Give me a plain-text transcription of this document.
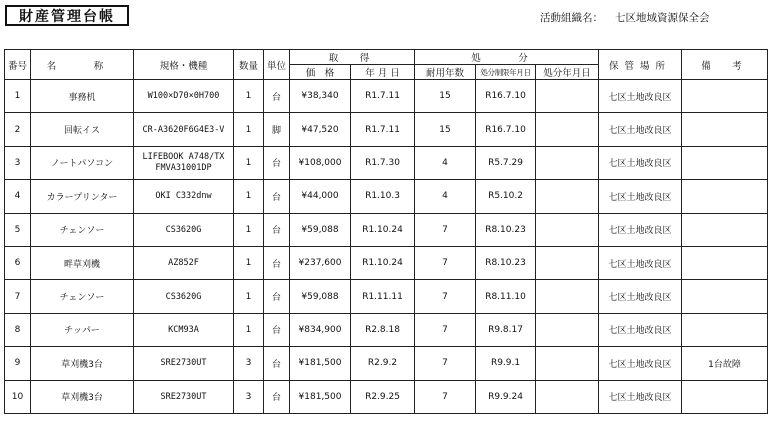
財産管理台帳	活動組織名： 七区地域資源保全会
番号	名　称	規格・機種	数量	単位	取　得		処　分			保管場所	備　考
					価　格	年 月 日	耐用年数	処分制限年月日	処分年月日		
1	事務机	W100×D70×0H700	1	台	¥38,340	R1.7.11	15	R16.7.10		七区土地改良区	
2	回転イス	CR-A3620F6G4E3-V	1	脚	¥47,520	R1.7.11	15	R16.7.10		七区土地改良区	
3	ノートパソコン	LIFEBOOK A748/TX
FMVA31001DP	1	台	¥108,000	R1.7.30	4	R5.7.29		七区土地改良区	
4	カラープリンター	OKI C332dnw	1	台	¥44,000	R1.10.3	4	R5.10.2		七区土地改良区	
5	チェンソー	CS3620G	1	台	¥59,088	R1.10.24	7	R8.10.23		七区土地改良区	
6	畔草刈機	AZ852F	1	台	¥237,600	R1.10.24	7	R8.10.23		七区土地改良区	
7	チェンソー	CS3620G	1	台	¥59,088	R1.11.11	7	R8.11.10		七区土地改良区	
8	チッパー	KCM93A	1	台	¥834,900	R2.8.18	7	R9.8.17		七区土地改良区	
9	草刈機3台	SRE2730UT	3	台	¥181,500	R2.9.2	7	R9.9.1		七区土地改良区	1台故障
10	草刈機3台	SRE2730UT	3	台	¥181,500	R2.9.25	7	R9.9.24		七区土地改良区	
